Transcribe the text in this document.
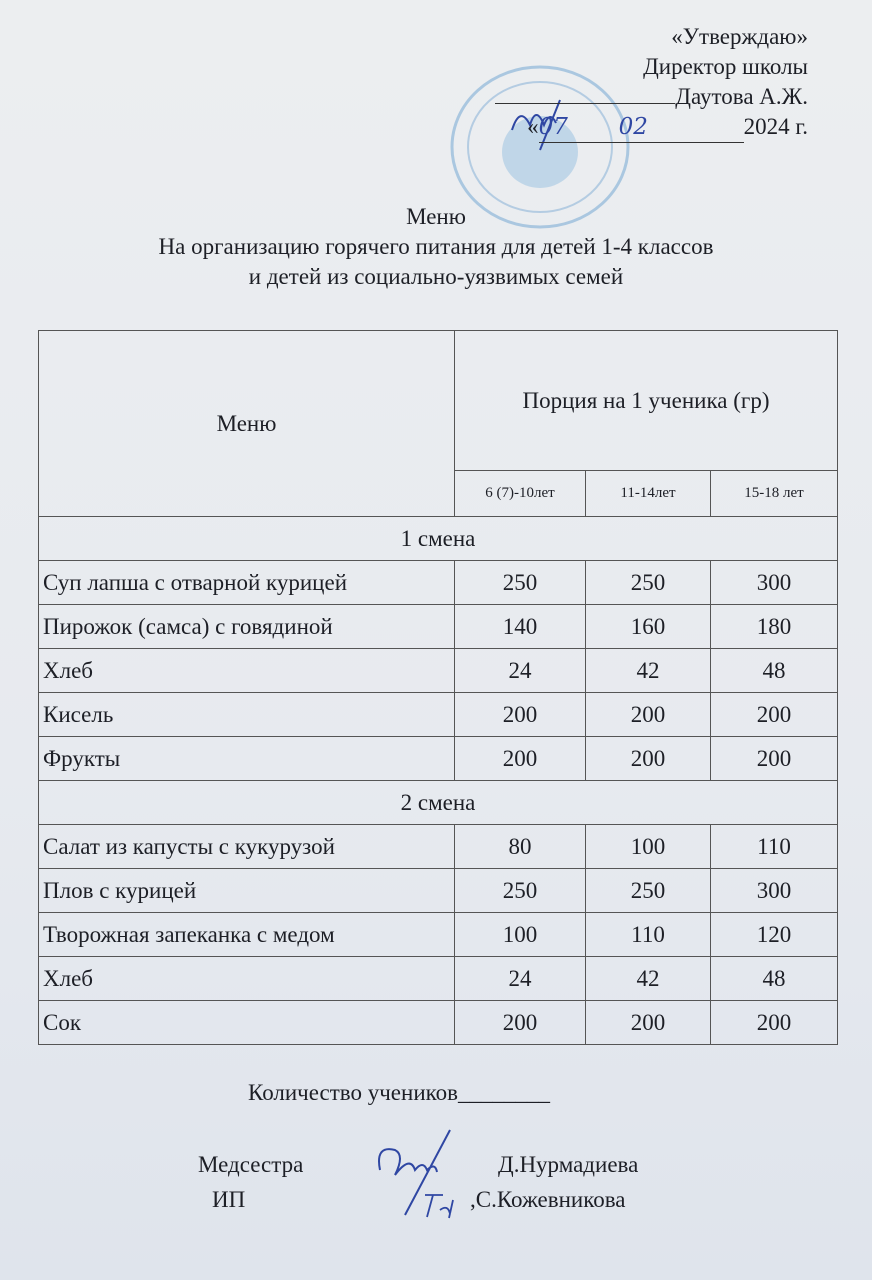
«Утверждаю»
Директор школы
Даутова А.Ж.
«07 02	2024 г.
Меню
На организацию горячего питания для детей 1-4 классов
и детей из социально-уязвимых семей
Меню	Порция на 1 ученика (гр)		
	6 (7)-10лет	11-14лет	15-18 лет
1 смена			
Суп лапша с отварной курицей	250	250	300
Пирожок (самса) с говядиной	140	160	180
Хлеб	24	42	48
Кисель	200	200	200
Фрукты	200	200	200
2 смена			
Салат из капусты с кукурузой	80	100	110
Плов с курицей	250	250	300
Творожная запеканка с медом	100	110	120
Хлеб	24	42	48
Сок	200	200	200
Количество учеников________
Медсестра	Д.Нурмадиева
ИП	,С.Кожевникова
